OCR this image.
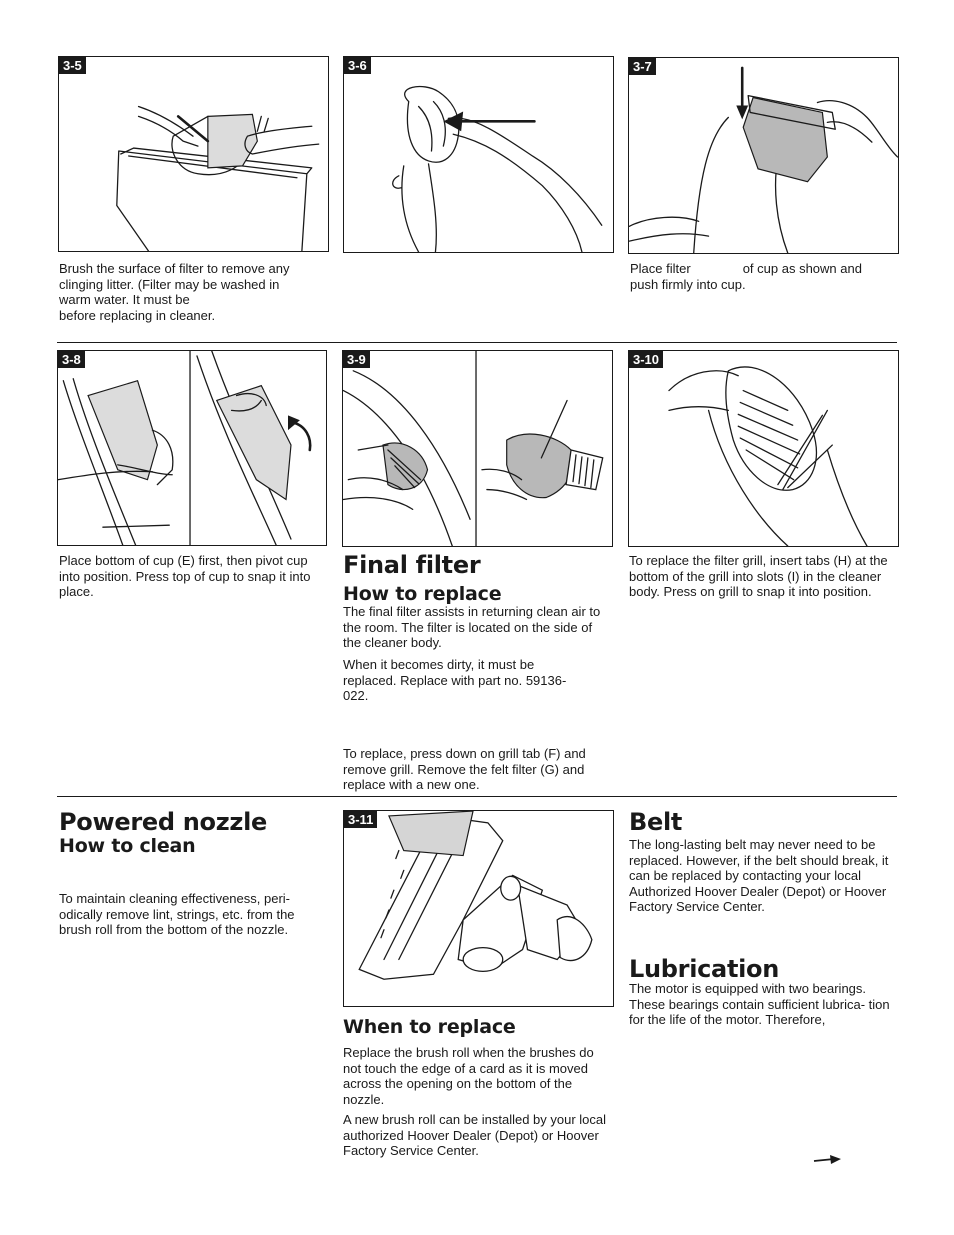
3-5	3-6	3-7

Brush the surface of filter to remove any
clinging litter. (Filter may be washed in
warm water. It must be
before replacing in cleaner.

Place filter	of cup as shown and
push firmly into cup.

3-8	3-9	3-10

Place bottom of cup (E) first, then pivot cup into position. Press top of cup to snap it into place.

To replace the filter grill, insert tabs (H) at the bottom of the grill into slots (I) in the cleaner body. Press on grill to snap it into position.

Final filter
How to replace

The final filter assists in returning clean air to the room. The filter is located on the side of the cleaner body.

When it becomes dirty, it must be replaced. Replace with part no. 59136-022.

To replace, press down on grill tab (F) and remove grill. Remove the felt filter (G) and replace with a new one.

Powered nozzle
How to clean

To maintain cleaning effectiveness, peri- odically remove lint, strings, etc. from the brush roll from the bottom of the nozzle.

3-11
When to replace

Replace the brush roll when the brushes do not touch the edge of a card as it is moved across the opening on the bottom of the nozzle.

A new brush roll can be installed by your local authorized Hoover Dealer (Depot) or Hoover Factory Service Center.

Belt

The long-lasting belt may never need to be replaced. However, if the belt should break, it can be replaced by contacting your local Authorized Hoover Dealer (Depot) or Hoover Factory Service Center.

Lubrication

The motor is equipped with two bearings. These bearings contain sufficient lubrica- tion for the life of the motor. Therefore,
